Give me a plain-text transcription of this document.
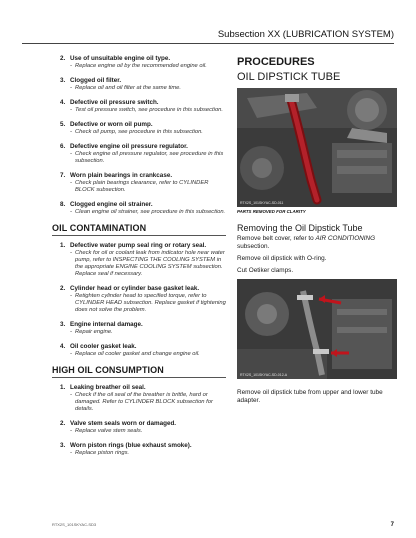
Subsection XX (LUBRICATION SYSTEM)
2. Use of unsuitable engine oil type.
- Replace engine oil by the recommended engine oil.
3. Clogged oil filter.
- Replace oil and oil filter at the same time.
4. Defective oil pressure switch.
- Test oil pressure switch, see procedure in this subsection.
5. Defective or worn oil pump.
- Check oil pump, see procedure in this subsection.
6. Defective engine oil pressure regulator.
- Check engine oil pressure regulator, see procedure in this subsection.
7. Worn plain bearings in crankcase.
- Check plain bearings clearance, refer to CYLINDER BLOCK subsection.
8. Clogged engine oil strainer.
- Clean engine oil strainer, see procedure in this subsection.
OIL CONTAMINATION
1. Defective water pump seal ring or rotary seal.
- Check for oil or coolant leak from indicator hole near water pump, refer to INSPECTING THE COOLING SYSTEM in the appropriate ENGINE COOLING SYSTEM subsection. Replace seal if necessary.
2. Cylinder head or cylinder base gasket leak.
- Retighten cylinder head to specified torque, refer to CYLINDER HEAD subsection. Replace gasket if tightening does not solve the problem.
3. Engine internal damage.
- Repair engine.
4. Oil cooler gasket leak.
- Replace oil cooler gasket and change engine oil.
HIGH OIL CONSUMPTION
1. Leaking breather oil seal.
- Check if the oil seal of the breather is brittle, hard or damaged. Refer to CYLINDER BLOCK subsection for details.
2. Valve stem seals worn or damaged.
- Replace valve stem seals.
3. Worn piston rings (blue exhaust smoke).
- Replace piston rings.
PROCEDURES
OIL DIPSTICK TUBE
RTX2S_101SKYAC-SD-011
PARTS REMOVED FOR CLARITY
Removing the Oil Dipstick Tube

Remove belt cover, refer to AIR CONDITIONING subsection.

Remove oil dipstick with O-ring.

Cut Oetiker clamps.

RTX2S_101SKYAC-SD-012-A

Remove oil dipstick tube from upper and lower tube adapter.

RTX2S_101SKYAC-SD3	7
